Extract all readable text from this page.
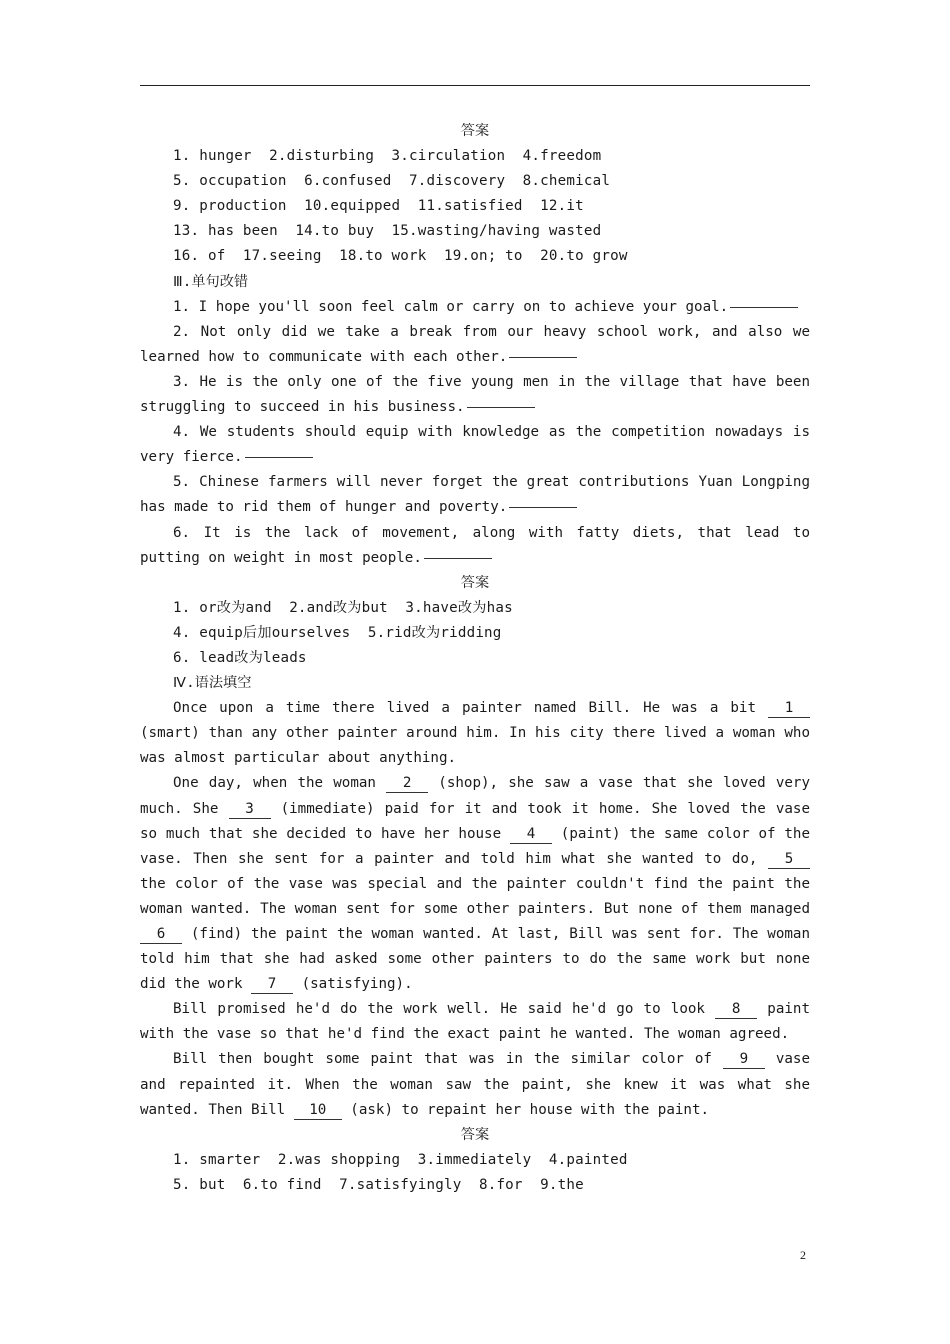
答案

1. hunger  2.disturbing  3.circulation  4.freedom

5. occupation  6.confused  7.discovery  8.chemical

9. production  10.equipped  11.satisfied  12.it

13. has been  14.to buy  15.wasting/having wasted

16. of  17.seeing  18.to work  19.on; to  20.to grow

Ⅲ.单句改错

1. I hope you'll soon feel calm or carry on to achieve your goal.

2. Not only did we take a break from our heavy school work, and also we learned how to communicate with each other.

3. He is the only one of the five young men in the village that have been struggling to succeed in his business.

4. We students should equip with knowledge as the competition nowadays is very fierce.

5. Chinese farmers will never forget the great contributions Yuan Longping has made to rid them of hunger and poverty.

6. It is the lack of movement, along with fatty diets, that lead to putting on weight in most people.

答案

1. or改为and  2.and改为but  3.have改为has

4. equip后加ourselves  5.rid改为ridding

6. lead改为leads

Ⅳ.语法填空

Once upon a time there lived a painter named Bill. He was a bit 1 (smart) than any other painter around him. In his city there lived a woman who was almost particular about anything.

One day, when the woman 2 (shop), she saw a vase that she loved very much. She 3 (immediate) paid for it and took it home. She loved the vase so much that she decided to have her house 4 (paint) the same color of the vase. Then she sent for a painter and told him what she wanted to do, 5 the color of the vase was special and the painter couldn't find the paint the woman wanted. The woman sent for some other painters. But none of them managed 6 (find) the paint the woman wanted. At last, Bill was sent for. The woman told him that she had asked some other painters to do the same work but none did the work 7 (satisfying).

Bill promised he'd do the work well. He said he'd go to look 8 paint with the vase so that he'd find the exact paint he wanted. The woman agreed.

Bill then bought some paint that was in the similar color of 9 vase and repainted it. When the woman saw the paint, she knew it was what she wanted. Then Bill 10 (ask) to repaint her house with the paint.

答案

1. smarter  2.was shopping  3.immediately  4.painted

5. but  6.to find  7.satisfyingly  8.for  9.the

2
